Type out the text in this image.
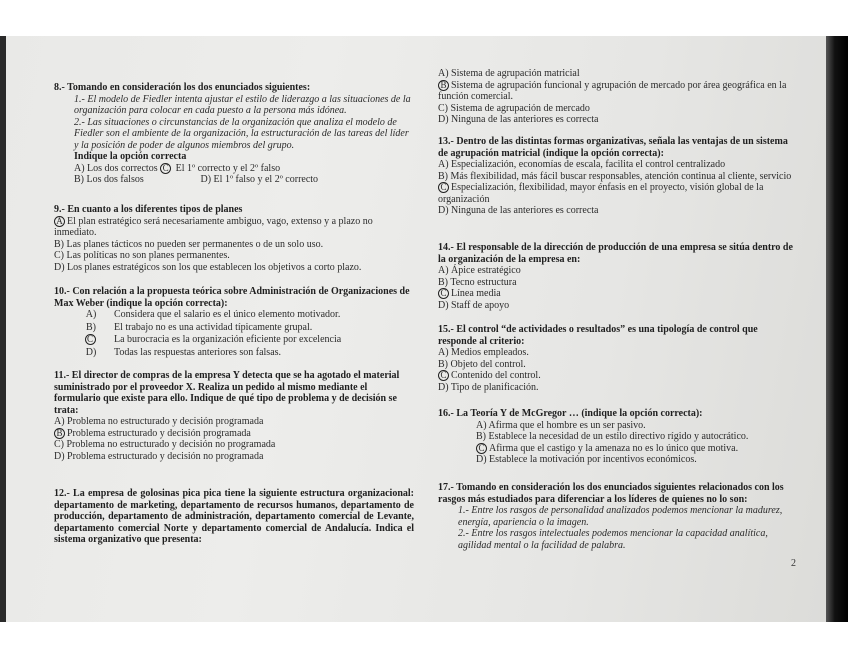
8.- Tomando en consideración los dos enunciados siguientes:
1.- El modelo de Fiedler intenta ajustar el estilo de liderazgo a las situaciones de la organización para colocar en cada puesto a la persona más idónea.
2.- Las situaciones o circunstancias de la organización que analiza el modelo de Fiedler son el ambiente de la organización, la estructuración de las tareas del líder y la posición de poder de algunos miembros del grupo.
Indique la opción correcta
A) Los dos correctos C El 1º correcto y el 2º falso
B) Los dos falsos	D) El 1º falso y el 2º correcto
9.- En cuanto a los diferentes tipos de planes
A El plan estratégico será necesariamente ambiguo, vago, extenso y a plazo no inmediato.
B) Las planes tácticos no pueden ser permanentes o de un solo uso.
C) Las políticas no son planes permanentes.
D) Los planes estratégicos son los que establecen los objetivos a corto plazo.
10.- Con relación a la propuesta teórica sobre Administración de Organizaciones de Max Weber (indique la opción correcta):
A)	Considera que el salario es el único elemento motivador.
B)	El trabajo no es una actividad típicamente grupal.
C	La burocracia es la organización eficiente por excelencia
D)	Todas las respuestas anteriores son falsas.
11.- El director de compras de la empresa Y detecta que se ha agotado el material suministrado por el proveedor X. Realiza un pedido al mismo mediante el formulario que existe para ello. Indique de qué tipo de problema y de decisión se trata:
A) Problema no estructurado y decisión programada
B Problema estructurado y decisión programada
C) Problema no estructurado y decisión no programada
D) Problema estructurado y decisión no programada
12.- La empresa de golosinas pica pica tiene la siguiente estructura organizacional: departamento de marketing, departamento de recursos humanos, departamento de producción, departamento de administración, departamento comercial de Levante, departamento comercial Norte y departamento comercial de Andalucía. Indica el sistema organizativo que presenta:
A) Sistema de agrupación matricial
B Sistema de agrupación funcional y agrupación de mercado por área geográfica en la función comercial.
C) Sistema de agrupación de mercado
D) Ninguna de las anteriores es correcta
13.- Dentro de las distintas formas organizativas, señala las ventajas de un sistema de agrupación matricial (indique la opción correcta):
A) Especialización, economías de escala, facilita el control centralizado
B) Más flexibilidad, más fácil buscar responsables, atención continua al cliente, servicio
C Especialización, flexibilidad, mayor énfasis en el proyecto, visión global de la organización
D) Ninguna de las anteriores es correcta
14.- El responsable de la dirección de producción de una empresa se sitúa dentro de la organización de la empresa en:
A) Ápice estratégico
B) Tecno estructura
C Línea media
D) Staff de apoyo
15.- El control “de actividades o resultados” es una tipología de control que responde al criterio:
A) Medios empleados.
B) Objeto del control.
C Contenido del control.
D) Tipo de planificación.
16.- La Teoría Y de McGregor … (indique la opción correcta):
A) Afirma que el hombre es un ser pasivo.
B) Establece la necesidad de un estilo directivo rígido y autocrático.
C Afirma que el castigo y la amenaza no es lo único que motiva.
D) Establece la motivación por incentivos económicos.
17.- Tomando en consideración los dos enunciados siguientes relacionados con los rasgos más estudiados para diferenciar a los líderes de quienes no lo son:
1.- Entre los rasgos de personalidad analizados podemos mencionar la madurez, energía, apariencia o la imagen.
2.- Entre los rasgos intelectuales podemos mencionar la capacidad analítica, agilidad mental o la facilidad de palabra.
2
